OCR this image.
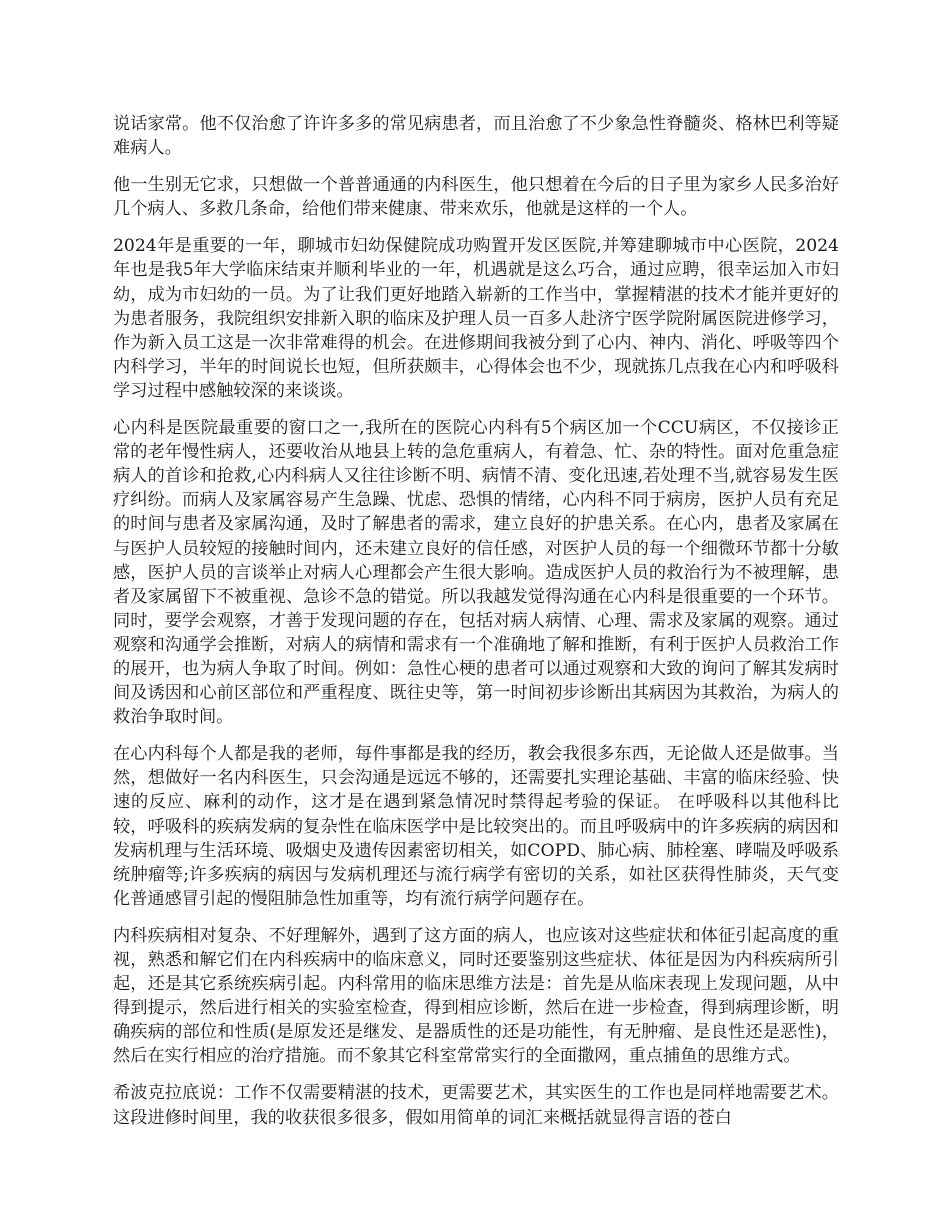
说话家常。他不仅治愈了许许多多的常见病患者，而且治愈了不少象急性脊髓炎、格林巴利等疑难病人。

他一生别无它求，只想做一个普普通通的内科医生，他只想着在今后的日子里为家乡人民多治好几个病人、多救几条命，给他们带来健康、带来欢乐，他就是这样的一个人。

2024年是重要的一年，聊城市妇幼保健院成功购置开发区医院,并筹建聊城市中心医院，2024年也是我5年大学临床结束并顺利毕业的一年，机遇就是这么巧合，通过应聘，很幸运加入市妇幼，成为市妇幼的一员。为了让我们更好地踏入崭新的工作当中，掌握精湛的技术才能并更好的为患者服务，我院组织安排新入职的临床及护理人员一百多人赴济宁医学院附属医院进修学习，作为新入员工这是一次非常难得的机会。在进修期间我被分到了心内、神内、消化、呼吸等四个内科学习，半年的时间说长也短，但所获颇丰，心得体会也不少，现就拣几点我在心内和呼吸科学习过程中感触较深的来谈谈。

心内科是医院最重要的窗口之一,我所在的医院心内科有5个病区加一个CCU病区，不仅接诊正常的老年慢性病人，还要收治从地县上转的急危重病人，有着急、忙、杂的特性。面对危重急症病人的首诊和抢救,心内科病人又往往诊断不明、病情不清、变化迅速,若处理不当,就容易发生医疗纠纷。而病人及家属容易产生急躁、忧虑、恐惧的情绪，心内科不同于病房，医护人员有充足的时间与患者及家属沟通，及时了解患者的需求，建立良好的护患关系。在心内，患者及家属在与医护人员较短的接触时间内，还未建立良好的信任感，对医护人员的每一个细微环节都十分敏感，医护人员的言谈举止对病人心理都会产生很大影响。造成医护人员的救治行为不被理解，患者及家属留下不被重视、急诊不急的错觉。所以我越发觉得沟通在心内科是很重要的一个环节。同时，要学会观察，才善于发现问题的存在，包括对病人病情、心理、需求及家属的观察。通过观察和沟通学会推断，对病人的病情和需求有一个准确地了解和推断，有利于医护人员救治工作的展开，也为病人争取了时间。例如：急性心梗的患者可以通过观察和大致的询问了解其发病时间及诱因和心前区部位和严重程度、既往史等，第一时间初步诊断出其病因为其救治，为病人的救治争取时间。

在心内科每个人都是我的老师，每件事都是我的经历，教会我很多东西，无论做人还是做事。当然，想做好一名内科医生，只会沟通是远远不够的，还需要扎实理论基础、丰富的临床经验、快速的反应、麻利的动作，这才是在遇到紧急情况时禁得起考验的保证。 在呼吸科以其他科比较，呼吸科的疾病发病的复杂性在临床医学中是比较突出的。而且呼吸病中的许多疾病的病因和发病机理与生活环境、吸烟史及遗传因素密切相关，如COPD、肺心病、肺栓塞、哮喘及呼吸系统肿瘤等;许多疾病的病因与发病机理还与流行病学有密切的关系，如社区获得性肺炎，天气变化普通感冒引起的慢阻肺急性加重等，均有流行病学问题存在。

内科疾病相对复杂、不好理解外，遇到了这方面的病人，也应该对这些症状和体征引起高度的重视，熟悉和解它们在内科疾病中的临床意义，同时还要鉴别这些症状、体征是因为内科疾病所引起，还是其它系统疾病引起。内科常用的临床思维方法是：首先是从临床表现上发现问题，从中得到提示，然后进行相关的实验室检查，得到相应诊断，然后在进一步检查，得到病理诊断，明确疾病的部位和性质(是原发还是继发、是器质性的还是功能性，有无肿瘤、是良性还是恶性)，然后在实行相应的治疗措施。而不象其它科室常常实行的全面撒网，重点捕鱼的思维方式。

希波克拉底说：工作不仅需要精湛的技术，更需要艺术，其实医生的工作也是同样地需要艺术。这段进修时间里，我的收获很多很多，假如用简单的词汇来概括就显得言语的苍白
